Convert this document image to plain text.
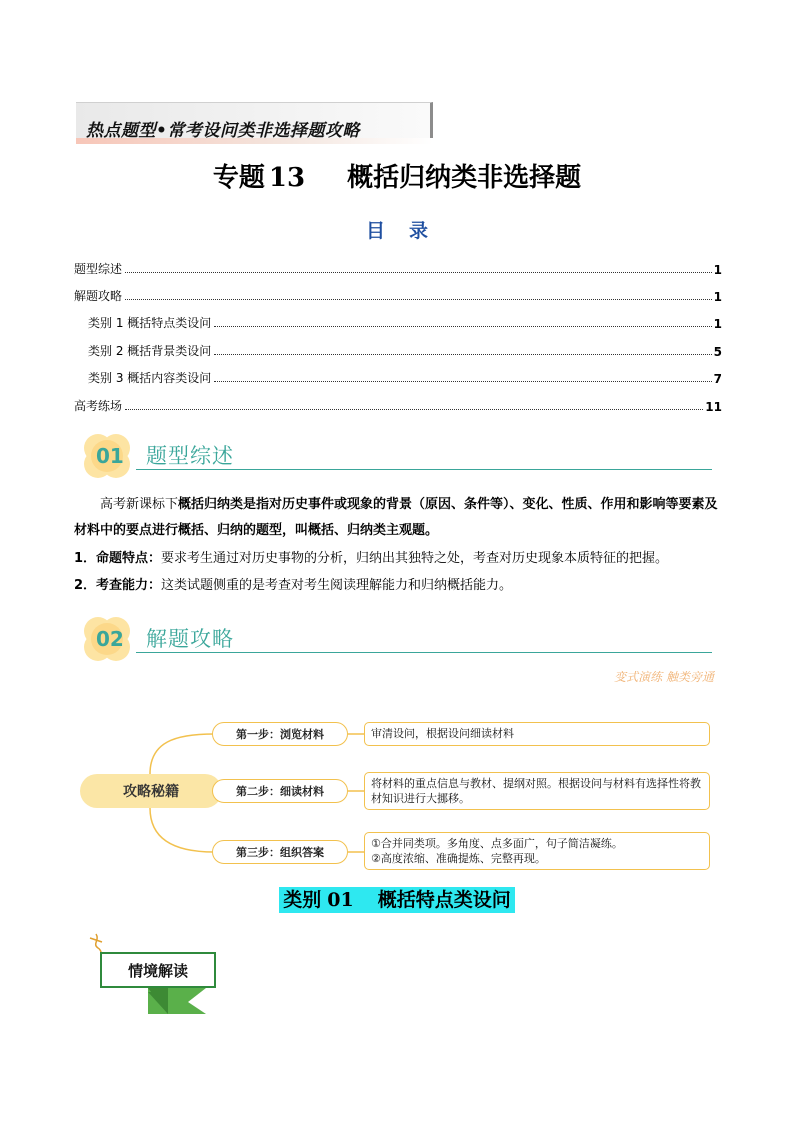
热点题型•常考设问类非选择题攻略
专题 13 概括归纳类非选择题
目录
题型综述	1
解题攻略	1
类别 1 概括特点类设问	1
类别 2 概括背景类设问	5
类别 3 概括内容类设问	7
高考练场	11
01 题型综述
高考新课标下概括归纳类是指对历史事件或现象的背景（原因、条件等）、变化、性质、作用和影响等要素及材料中的要点进行概括、归纳的题型，叫概括、归纳类主观题。
1．命题特点：要求考生通过对历史事物的分析，归纳出其独特之处，考查对历史现象本质特征的把握。
2．考查能力：这类试题侧重的是考查对考生阅读理解能力和归纳概括能力。
02 解题攻略
变式演练 触类旁通
攻略秘籍
第一步：浏览材料	审清设问，根据设问细读材料
第二步：细读材料
将材料的重点信息与教材、提纲对照。根据设问与材料有选择性将教材知识进行大挪移。
第三步：组织答案
①合并同类项。多角度、点多面广，句子简洁凝练。
②高度浓缩、准确提炼、完整再现。
类别 01 概括特点类设问
情境解读
